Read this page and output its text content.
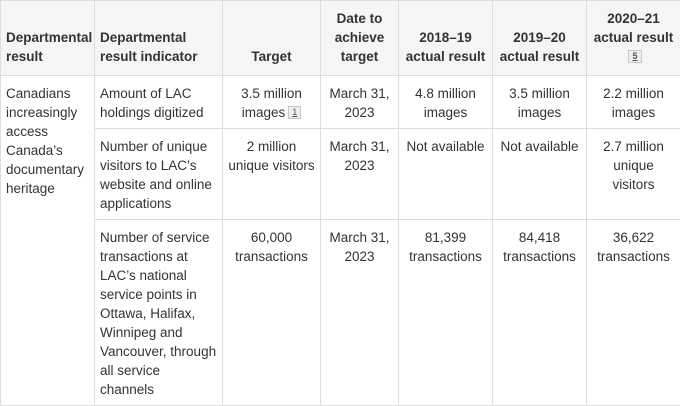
Departmental result	Departmental result indicator	Target	Date to achieve target	2018–19 actual result	2019–20 actual result	2020–21 actual result5
Canadians increasingly access Canada’s documentary heritage	Amount of LAC holdings digitized	3.5 million images 1	March 31, 2023	4.8 million images	3.5 million images	2.2 million images
	Number of unique visitors to LAC’s website and online applications	2 million unique visitors	March 31, 2023	Not available	Not available	2.7 million unique visitors
	Number of service transactions at LAC’s national service points in Ottawa, Halifax, Winnipeg and Vancouver, through all service channels	60,000 transactions	March 31, 2023	81,399 transactions	84,418 transactions	36,622 transactions
